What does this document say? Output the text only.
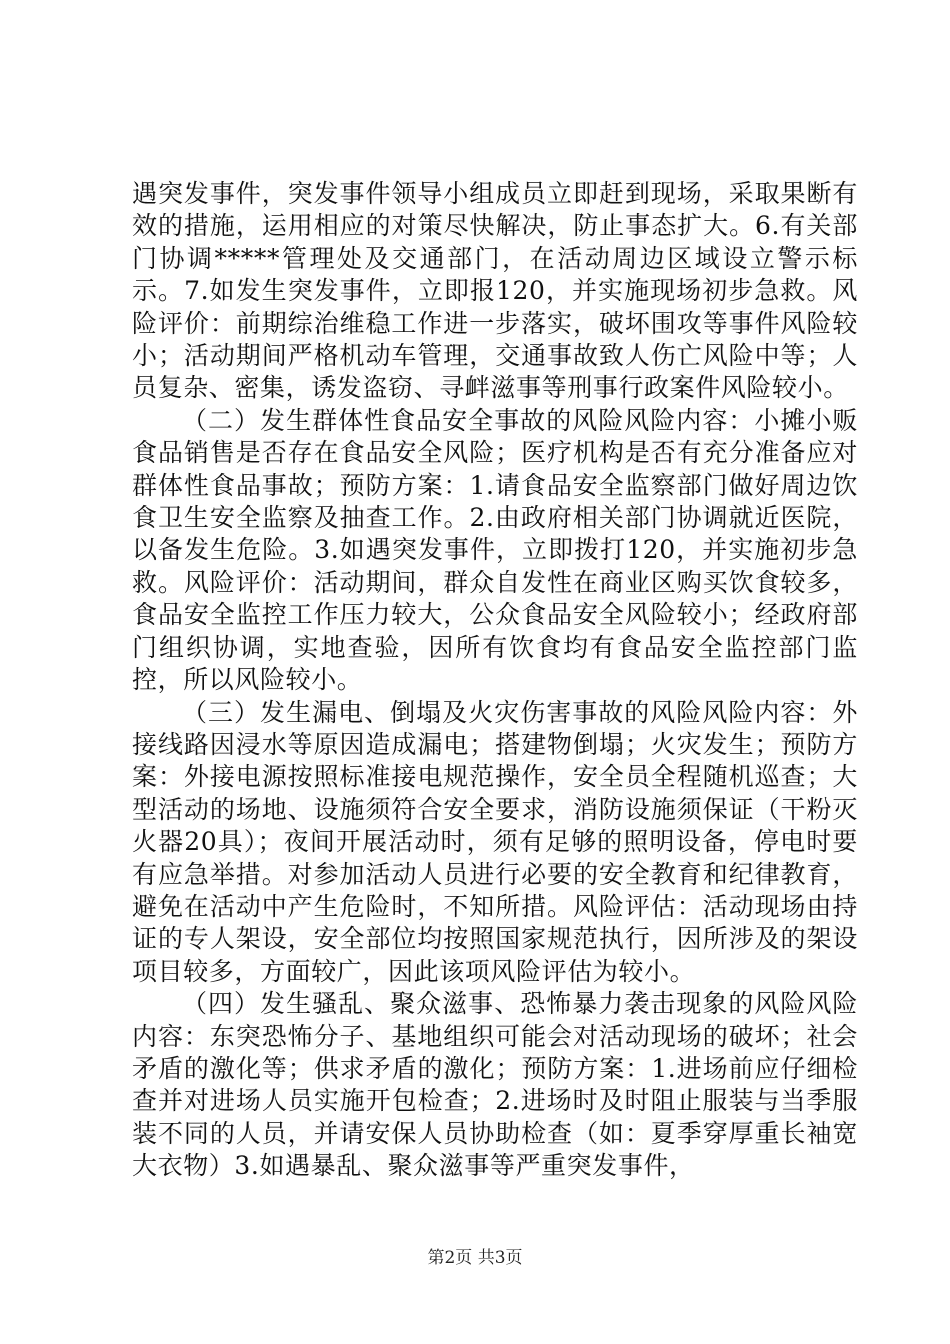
遇突发事件，突发事件领导小组成员立即赶到现场，采取果断有效的措施，运用相应的对策尽快解决，防止事态扩大。6.有关部门协调*****管理处及交通部门，在活动周边区域设立警示标示。7.如发生突发事件，立即报120，并实施现场初步急救。风险评价：前期综治维稳工作进一步落实，破坏围攻等事件风险较小；活动期间严格机动车管理，交通事故致人伤亡风险中等；人员复杂、密集，诱发盗窃、寻衅滋事等刑事行政案件风险较小。

（二）发生群体性食品安全事故的风险风险内容：小摊小贩食品销售是否存在食品安全风险；医疗机构是否有充分准备应对群体性食品事故；预防方案：1.请食品安全监察部门做好周边饮食卫生安全监察及抽查工作。2.由政府相关部门协调就近医院，以备发生危险。3.如遇突发事件，立即拨打120，并实施初步急救。风险评价：活动期间，群众自发性在商业区购买饮食较多，食品安全监控工作压力较大，公众食品安全风险较小；经政府部门组织协调，实地查验，因所有饮食均有食品安全监控部门监控，所以风险较小。

（三）发生漏电、倒塌及火灾伤害事故的风险风险内容：外接线路因浸水等原因造成漏电；搭建物倒塌；火灾发生；预防方案：外接电源按照标准接电规范操作，安全员全程随机巡查；大型活动的场地、设施须符合安全要求，消防设施须保证（干粉灭火器20具）；夜间开展活动时，须有足够的照明设备，停电时要有应急举措。对参加活动人员进行必要的安全教育和纪律教育，避免在活动中产生危险时，不知所措。风险评估：活动现场由持证的专人架设，安全部位均按照国家规范执行，因所涉及的架设项目较多，方面较广，因此该项风险评估为较小。

（四）发生骚乱、聚众滋事、恐怖暴力袭击现象的风险风险内容：东突恐怖分子、基地组织可能会对活动现场的破坏；社会矛盾的激化等；供求矛盾的激化；预防方案：1.进场前应仔细检查并对进场人员实施开包检查；2.进场时及时阻止服装与当季服装不同的人员，并请安保人员协助检查（如：夏季穿厚重长袖宽大衣物）3.如遇暴乱、聚众滋事等严重突发事件，

第2页 共3页
